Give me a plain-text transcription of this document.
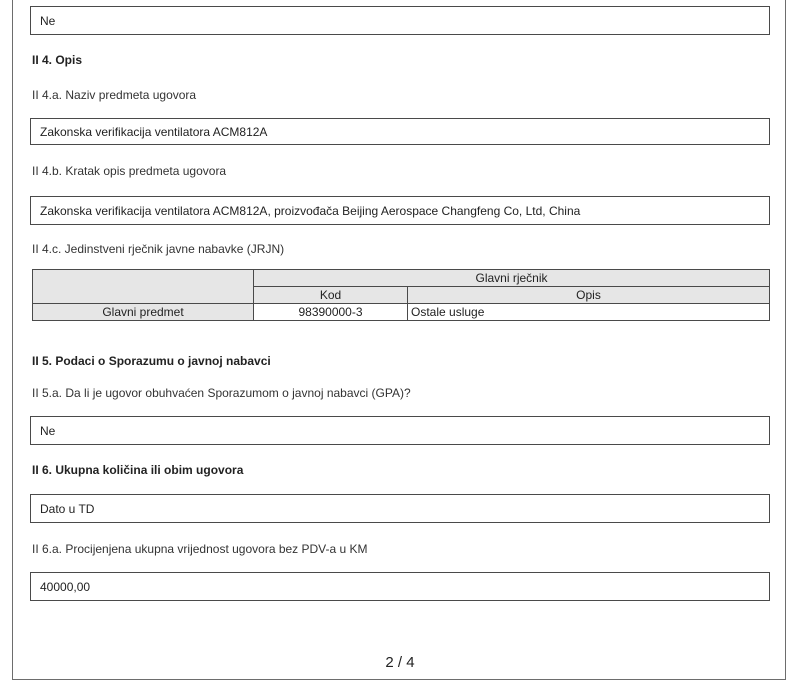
Ne
II 4. Opis
II 4.a. Naziv predmeta ugovora
Zakonska verifikacija ventilatora ACM812A
II 4.b. Kratak opis predmeta ugovora
Zakonska verifikacija ventilatora ACM812A, proizvođača Beijing Aerospace Changfeng Co, Ltd, China
II 4.c. Jedinstveni rječnik javne nabavke (JRJN)
	Glavni rječnik	
	Kod	Opis
Glavni predmet	98390000-3	Ostale usluge
II 5. Podaci o Sporazumu o javnoj nabavci
II 5.a. Da li je ugovor obuhvaćen Sporazumom o javnoj nabavci (GPA)?
Ne
II 6. Ukupna količina ili obim ugovora
Dato u TD
II 6.a. Procijenjena ukupna vrijednost ugovora bez PDV-a u KM
40000,00
2 / 4
